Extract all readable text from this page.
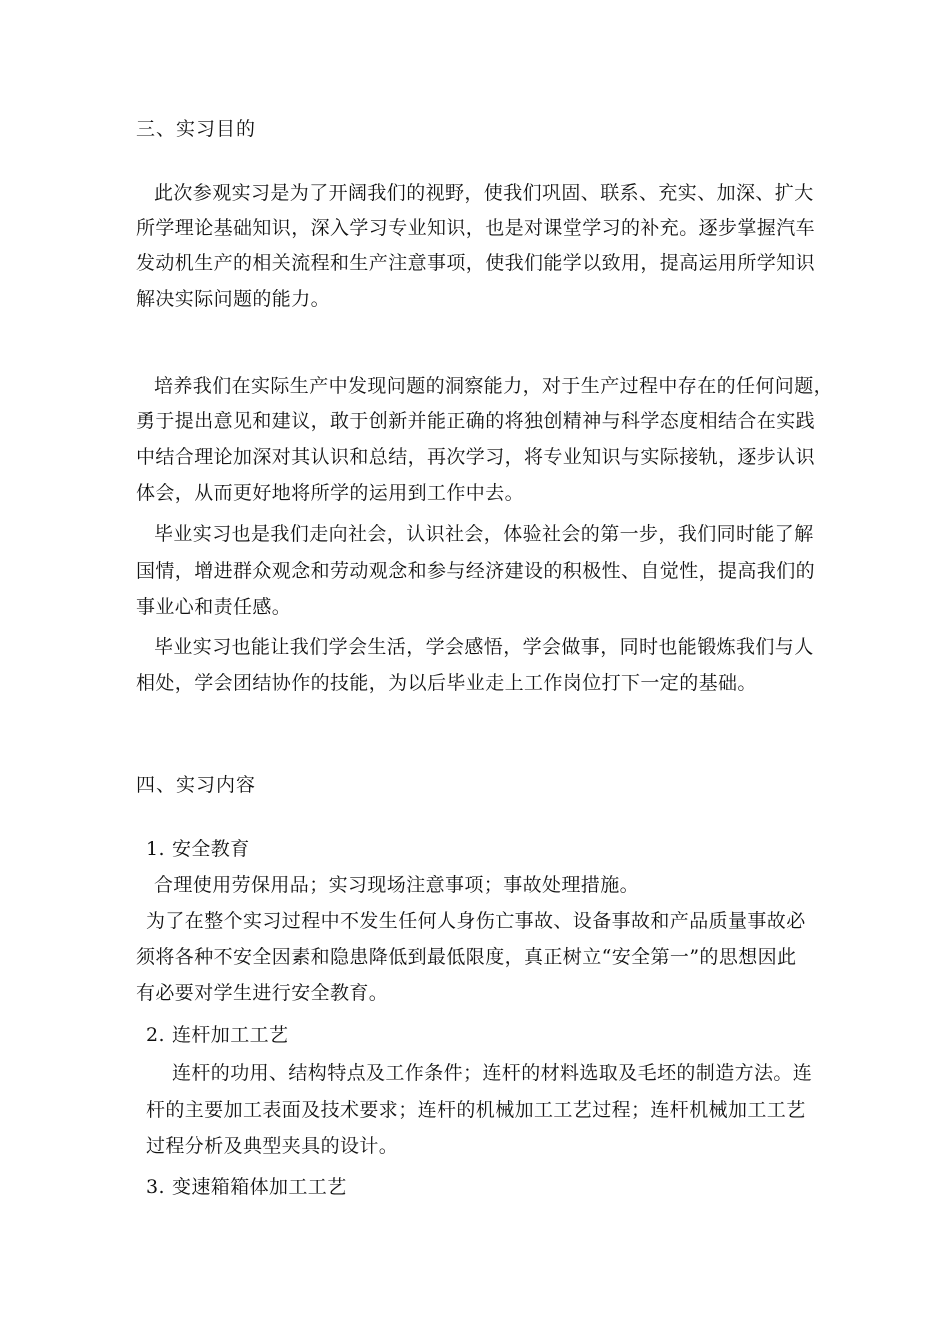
三、实习目的
此次参观实习是为了开阔我们的视野，使我们巩固、联系、充实、加深、扩大
所学理论基础知识，深入学习专业知识，也是对课堂学习的补充。逐步掌握汽车
发动机生产的相关流程和生产注意事项，使我们能学以致用，提高运用所学知识
解决实际问题的能力。
培养我们在实际生产中发现问题的洞察能力，对于生产过程中存在的任何问题，
勇于提出意见和建议，敢于创新并能正确的将独创精神与科学态度相结合在实践
中结合理论加深对其认识和总结，再次学习，将专业知识与实际接轨，逐步认识
体会，从而更好地将所学的运用到工作中去。
毕业实习也是我们走向社会，认识社会，体验社会的第一步，我们同时能了解
国情，增进群众观念和劳动观念和参与经济建设的积极性、自觉性，提高我们的
事业心和责任感。
毕业实习也能让我们学会生活，学会感悟，学会做事，同时也能锻炼我们与人
相处，学会团结协作的技能，为以后毕业走上工作岗位打下一定的基础。
四、实习内容
1. 安全教育
合理使用劳保用品；实习现场注意事项；事故处理措施。
为了在整个实习过程中不发生任何人身伤亡事故、设备事故和产品质量事故必
须将各种不安全因素和隐患降低到最低限度，真正树立“安全第一”的思想因此
有必要对学生进行安全教育。
2. 连杆加工工艺
连杆的功用、结构特点及工作条件；连杆的材料选取及毛坯的制造方法。连
杆的主要加工表面及技术要求；连杆的机械加工工艺过程；连杆机械加工工艺
过程分析及典型夹具的设计。
3. 变速箱箱体加工工艺
